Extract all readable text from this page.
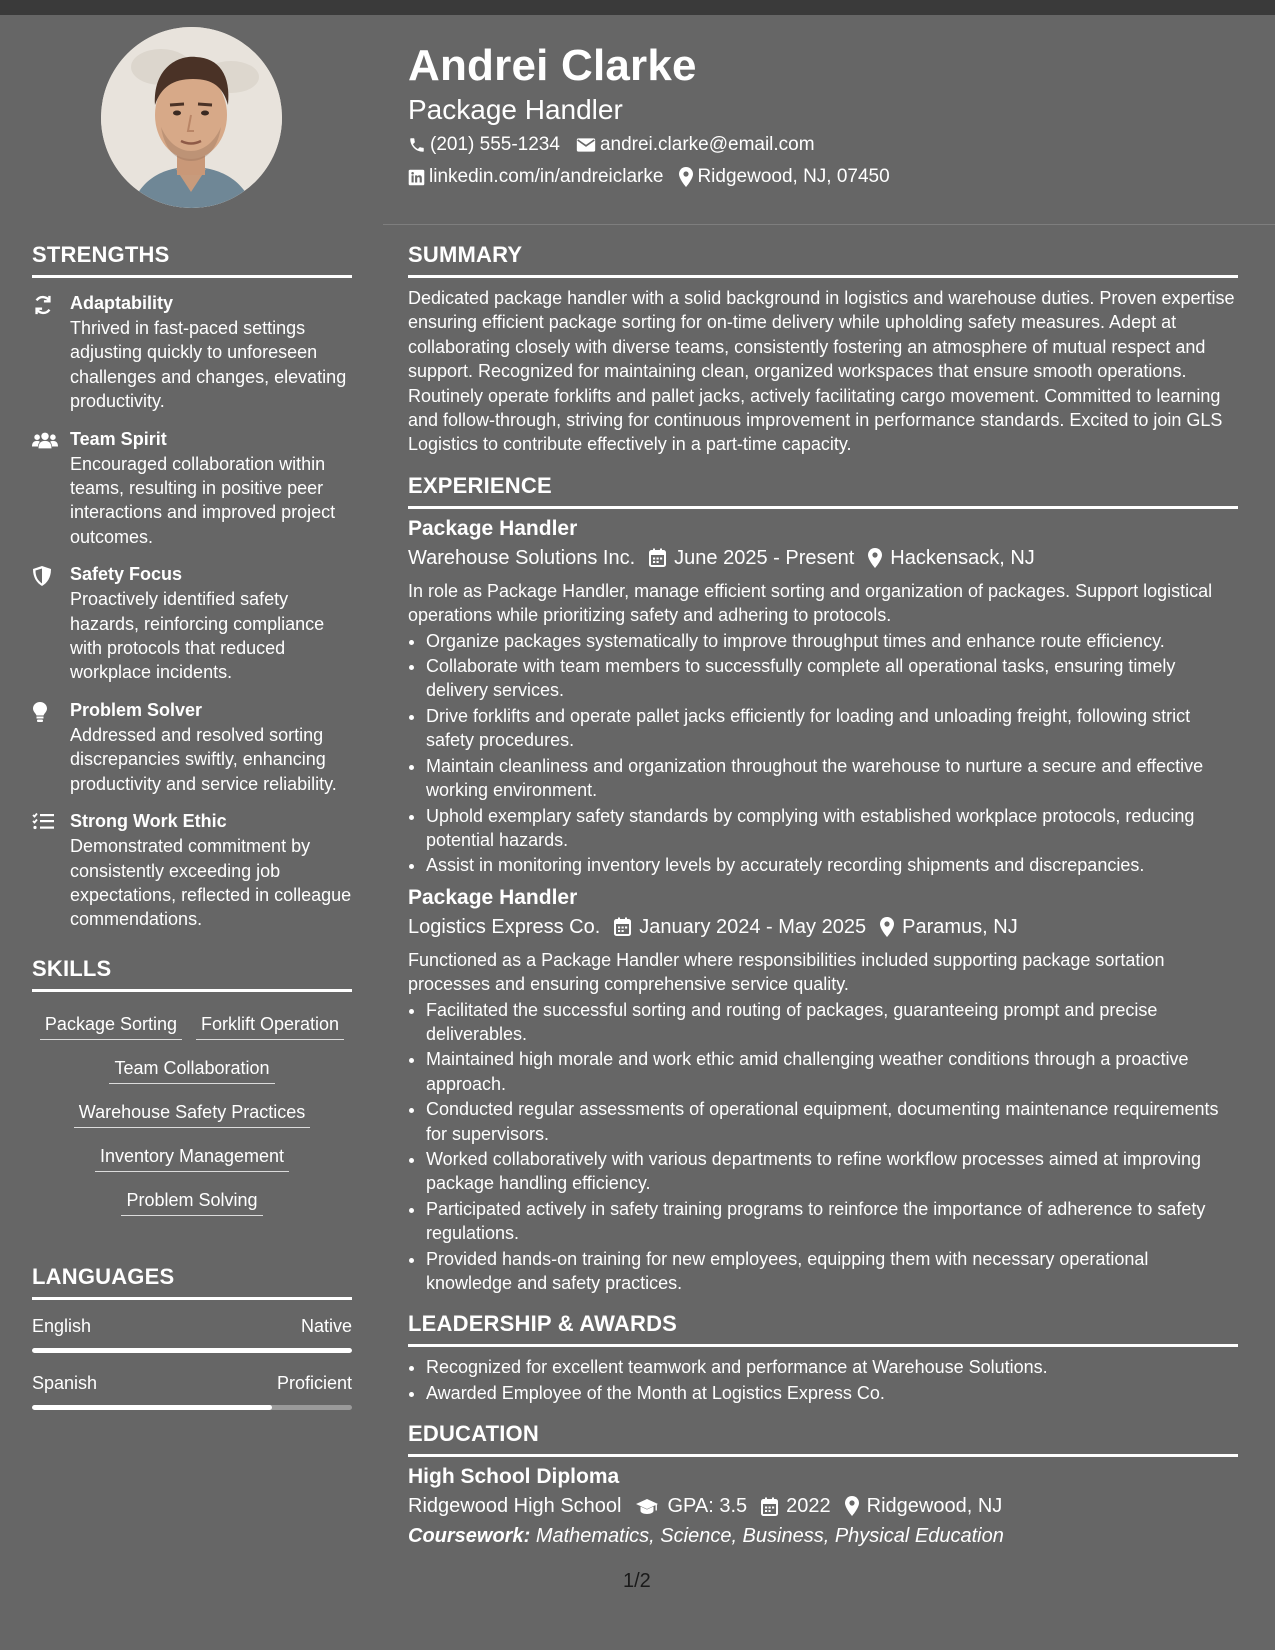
Andrei Clarke
Package Handler
(201) 555-1234 andrei.clarke@email.com
linkedin.com/in/andreiclarke Ridgewood, NJ, 07450
STRENGTHS
Adaptability
Thrived in fast-paced settings adjusting quickly to unforeseen challenges and changes, elevating productivity.
Team Spirit
Encouraged collaboration within teams, resulting in positive peer interactions and improved project outcomes.
Safety Focus
Proactively identified safety hazards, reinforcing compliance with protocols that reduced workplace incidents.
Problem Solver
Addressed and resolved sorting discrepancies swiftly, enhancing productivity and service reliability.
Strong Work Ethic
Demonstrated commitment by consistently exceeding job expectations, reflected in colleague commendations.
SKILLS
Package Sorting Forklift Operation
Team Collaboration
Warehouse Safety Practices
Inventory Management
Problem Solving
LANGUAGES
English	Native
Spanish	Proficient
SUMMARY
Dedicated package handler with a solid background in logistics and warehouse duties. Proven expertise ensuring efficient package sorting for on-time delivery while upholding safety measures. Adept at collaborating closely with diverse teams, consistently fostering an atmosphere of mutual respect and support. Recognized for maintaining clean, organized workspaces that ensure smooth operations. Routinely operate forklifts and pallet jacks, actively facilitating cargo movement. Committed to learning and follow-through, striving for continuous improvement in performance standards. Excited to join GLS Logistics to contribute effectively in a part-time capacity.
EXPERIENCE
Package Handler
Warehouse Solutions Inc. June 2025 - Present Hackensack, NJ
In role as Package Handler, manage efficient sorting and organization of packages. Support logistical operations while prioritizing safety and adhering to protocols.
• Organize packages systematically to improve throughput times and enhance route efficiency.
• Collaborate with team members to successfully complete all operational tasks, ensuring timely delivery services.
• Drive forklifts and operate pallet jacks efficiently for loading and unloading freight, following strict safety procedures.
• Maintain cleanliness and organization throughout the warehouse to nurture a secure and effective working environment.
• Uphold exemplary safety standards by complying with established workplace protocols, reducing potential hazards.
• Assist in monitoring inventory levels by accurately recording shipments and discrepancies.
Package Handler
Logistics Express Co. January 2024 - May 2025 Paramus, NJ
Functioned as a Package Handler where responsibilities included supporting package sortation processes and ensuring comprehensive service quality.
• Facilitated the successful sorting and routing of packages, guaranteeing prompt and precise deliverables.
• Maintained high morale and work ethic amid challenging weather conditions through a proactive approach.
• Conducted regular assessments of operational equipment, documenting maintenance requirements for supervisors.
• Worked collaboratively with various departments to refine workflow processes aimed at improving package handling efficiency.
• Participated actively in safety training programs to reinforce the importance of adherence to safety regulations.
• Provided hands-on training for new employees, equipping them with necessary operational knowledge and safety practices.
LEADERSHIP & AWARDS
• Recognized for excellent teamwork and performance at Warehouse Solutions.
• Awarded Employee of the Month at Logistics Express Co.
EDUCATION
High School Diploma
Ridgewood High School GPA: 3.5 2022 Ridgewood, NJ
Coursework: Mathematics, Science, Business, Physical Education
1/2
